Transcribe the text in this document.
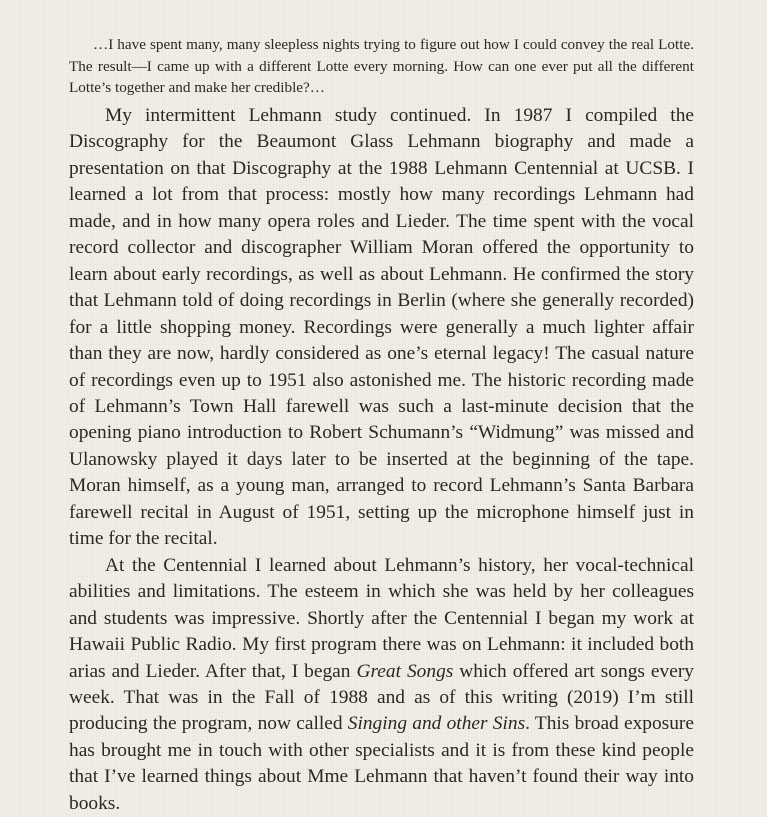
…I have spent many, many sleepless nights trying to figure out how I could convey the real Lotte. The result—I came up with a different Lotte every morning. How can one ever put all the different Lotte’s together and make her credible?…

My intermittent Lehmann study continued. In 1987 I compiled the Discography for the Beaumont Glass Lehmann biography and made a presentation on that Discography at the 1988 Lehmann Centennial at UCSB. I learned a lot from that process: mostly how many recordings Lehmann had made, and in how many opera roles and Lieder. The time spent with the vocal record collector and discographer William Moran offered the opportunity to learn about early recordings, as well as about Lehmann. He confirmed the story that Lehmann told of doing recordings in Berlin (where she generally recorded) for a little shopping money. Recordings were generally a much lighter affair than they are now, hardly considered as one’s eternal legacy! The casual nature of recordings even up to 1951 also astonished me. The historic recording made of Lehmann’s Town Hall farewell was such a last-minute decision that the opening piano introduction to Robert Schumann’s “Widmung” was missed and Ulanowsky played it days later to be inserted at the beginning of the tape. Moran himself, as a young man, arranged to record Lehmann’s Santa Barbara farewell recital in August of 1951, setting up the microphone himself just in time for the recital.

At the Centennial I learned about Lehmann’s history, her vocal-technical abilities and limitations. The esteem in which she was held by her colleagues and students was impressive. Shortly after the Centennial I began my work at Hawaii Public Radio. My first program there was on Lehmann: it included both arias and Lieder. After that, I began Great Songs which offered art songs every week. That was in the Fall of 1988 and as of this writing (2019) I’m still producing the program, now called Singing and other Sins. This broad exposure has brought me in touch with other specialists and it is from these kind people that I’ve learned things about Mme Lehmann that haven’t found their way into books.
